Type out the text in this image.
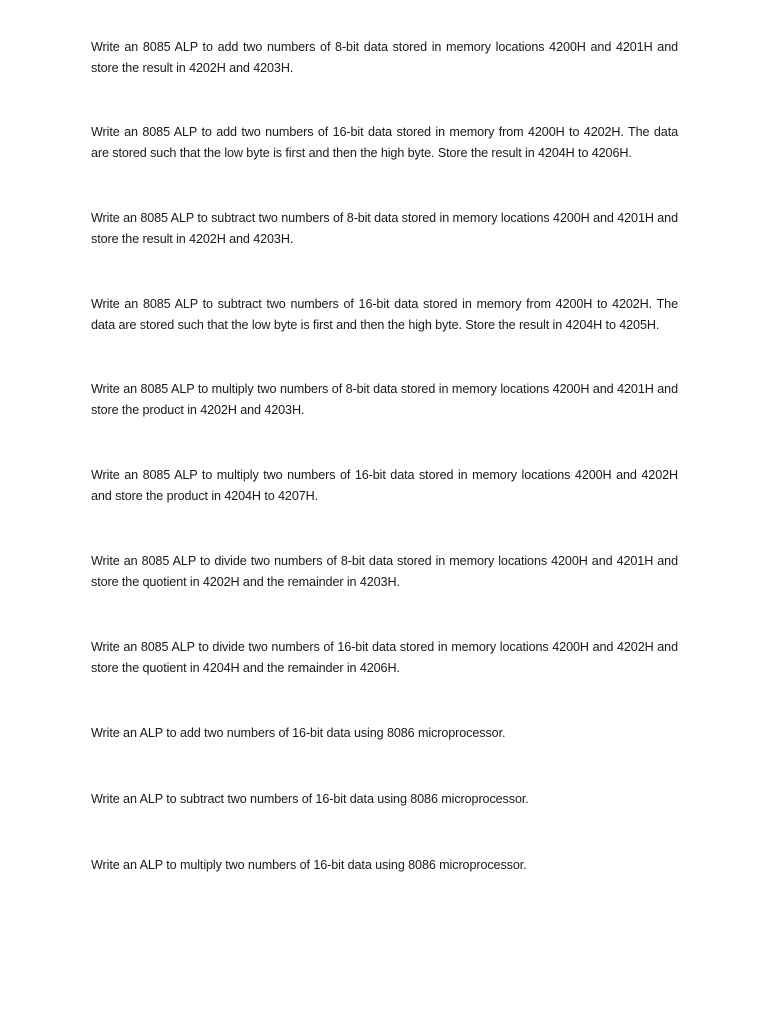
Write an 8085 ALP to add two numbers of 8-bit data stored in memory locations 4200H and 4201H and store the result in 4202H and 4203H.

Write an 8085 ALP to add two numbers of 16-bit data stored in memory from 4200H to 4202H. The data are stored such that the low byte is first and then the high byte. Store the result in 4204H to 4206H.

Write an 8085 ALP to subtract two numbers of 8-bit data stored in memory locations 4200H and 4201H and store the result in 4202H and 4203H.

Write an 8085 ALP to subtract two numbers of 16-bit data stored in memory from 4200H to 4202H. The data are stored such that the low byte is first and then the high byte. Store the result in 4204H to 4205H.

Write an 8085 ALP to multiply two numbers of 8-bit data stored in memory locations 4200H and 4201H and store the product in 4202H and 4203H.

Write an 8085 ALP to multiply two numbers of 16-bit data stored in memory locations 4200H and 4202H and store the product in 4204H to 4207H.

Write an 8085 ALP to divide two numbers of 8-bit data stored in memory locations 4200H and 4201H and store the quotient in 4202H and the remainder in 4203H.

Write an 8085 ALP to divide two numbers of 16-bit data stored in memory locations 4200H and 4202H and store the quotient in 4204H and the remainder in 4206H.

Write an ALP to add two numbers of 16-bit data using 8086 microprocessor.

Write an ALP to subtract two numbers of 16-bit data using 8086 microprocessor.

Write an ALP to multiply two numbers of 16-bit data using 8086 microprocessor.
